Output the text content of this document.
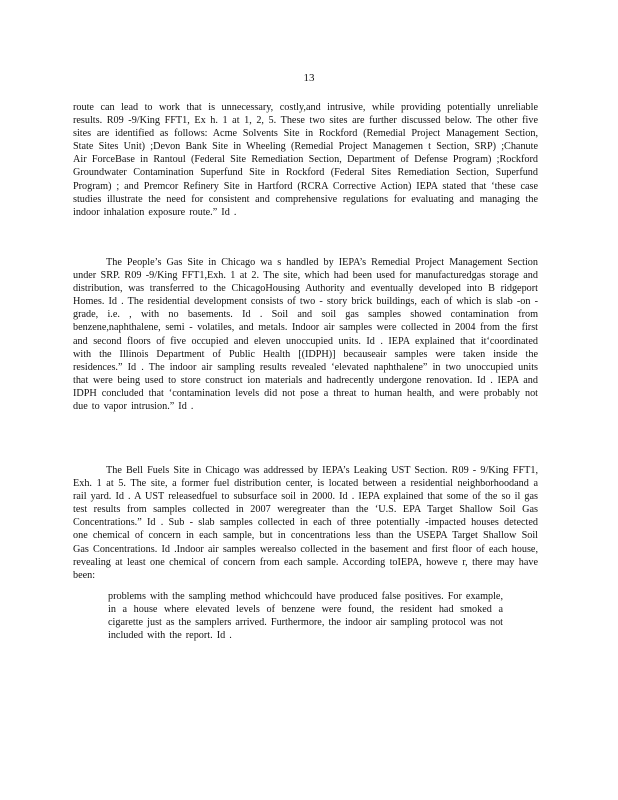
13

route can lead to work that is unnecessary, costly,and intrusive, while providing potentially unreliable results. R09 -9/King FFT1, Ex h. 1 at 1, 2, 5. These two sites are further discussed below. The other five sites are identified as follows: Acme Solvents Site in Rockford (Remedial Project Management Section, State Sites Unit) ;Devon Bank Site in Wheeling (Remedial Project Managemen t Section, SRP) ;Chanute Air ForceBase in Rantoul (Federal Site Remediation Section, Department of Defense Program) ;Rockford Groundwater Contamination Superfund Site in Rockford (Federal Sites Remediation Section, Superfund Program) ; and Premcor Refinery Site in Hartford (RCRA Corrective Action) IEPA stated that ‘these case studies illustrate the need for consistent and comprehensive regulations for evaluating and managing the indoor inhalation exposure route.” Id .

The People’s Gas Site in Chicago wa s handled by IEPA’s Remedial Project Management Section under SRP. R09 -9/King FFT1,Exh. 1 at 2. The site, which had been used for manufacturedgas storage and distribution, was transferred to the ChicagoHousing Authority and eventually developed into B ridgeport Homes. Id . The residential development consists of two - story brick buildings, each of which is slab -on -grade, i.e. , with no basements. Id . Soil and soil gas samples showed contamination from benzene,naphthalene, semi - volatiles, and metals. Indoor air samples were collected in 2004 from the first and second floors of five occupied and eleven unoccupied units. Id . IEPA explained that it‘coordinated with the Illinois Department of Public Health [(IDPH)] becauseair samples were taken inside the residences.” Id . The indoor air sampling results revealed ‘elevated naphthalene” in two unoccupied units that were being used to store construct ion materials and hadrecently undergone renovation. Id . IEPA and IDPH concluded that ‘contamination levels did not pose a threat to human health, and were probably not due to vapor intrusion.” Id .

The Bell Fuels Site in Chicago was addressed by IEPA’s Leaking UST Section. R09 - 9/King FFT1, Exh. 1 at 5. The site, a former fuel distribution center, is located between a residential neighborhoodand a rail yard. Id . A UST releasedfuel to subsurface soil in 2000. Id . IEPA explained that some of the so il gas test results from samples collected in 2007 weregreater than the ‘U.S. EPA Target Shallow Soil Gas Concentrations.” Id . Sub - slab samples collected in each of three potentially -impacted houses detected one chemical of concern in each sample, but in concentrations less than the USEPA Target Shallow Soil Gas Concentrations. Id .Indoor air samples werealso collected in the basement and first floor of each house, revealing at least one chemical of concern from each sample. According toIEPA, howeve r, there may have been:

problems with the sampling method whichcould have produced false positives. For example, in a house where elevated levels of benzene were found, the resident had smoked a cigarette just as the samplers arrived. Furthermore, the indoor air sampling protocol was not included with the report. Id .
